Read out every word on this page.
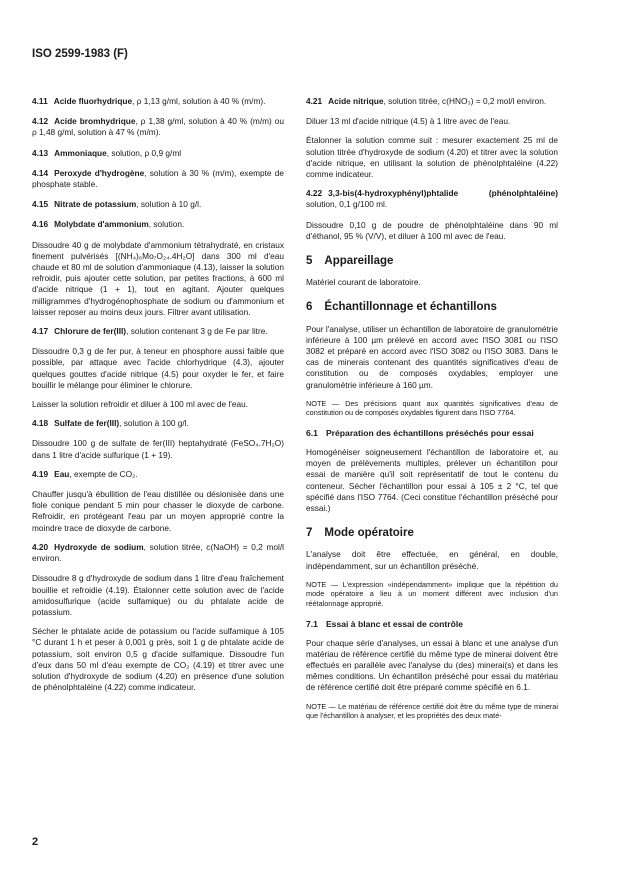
ISO 2599-1983 (F)

4.11 Acide fluorhydrique, ρ 1,13 g/ml, solution à 40 % (m/m).

4.12 Acide bromhydrique, ρ 1,38 g/ml, solution à 40 % (m/m) ou ρ 1,48 g/ml, solution à 47 % (m/m).

4.13 Ammoniaque, solution, ρ 0,9 g/ml

4.14 Peroxyde d'hydrogène, solution à 30 % (m/m), exempte de phosphate stable.

4.15 Nitrate de potassium, solution à 10 g/l.

4.16 Molybdate d'ammonium, solution.

Dissoudre 40 g de molybdate d'ammonium tétrahydraté, en cristaux finement pulvérisés [(NH₄)₆Mo₇O₂₄.4H₂O] dans 300 ml d'eau chaude et 80 ml de solution d'ammoniaque (4.13), laisser la solution refroidir, puis ajouter cette solution, par petites fractions, à 600 ml d'acide nitrique (1 + 1), tout en agitant. Ajouter quelques milligrammes d'hydrogénophosphate de sodium ou d'ammonium et laisser reposer au moins deux jours. Filtrer avant utilisation.

4.17 Chlorure de fer(III), solution contenant 3 g de Fe par litre.

Dissoudre 0,3 g de fer pur, à teneur en phosphore aussi faible que possible, par attaque avec l'acide chlorhydrique (4.3), ajouter quelques gouttes d'acide nitrique (4.5) pour oxyder le fer, et faire bouillir le mélange pour éliminer le chlorure.

Laisser la solution refroidir et diluer à 100 ml avec de l'eau.

4.18 Sulfate de fer(III), solution à 100 g/l.

Dissoudre 100 g de sulfate de fer(III) heptahydraté (FeSO₄.7H₂O) dans 1 litre d'acide sulfurique (1 + 19).

4.19 Eau, exempte de CO₂.

Chauffer jusqu'à ébullition de l'eau distillée ou désionisée dans une fiole conique pendant 5 min pour chasser le dioxyde de carbone. Refroidir, en protégeant l'eau par un moyen approprié contre la moindre trace de dioxyde de carbone.

4.20 Hydroxyde de sodium, solution titrée, c(NaOH) = 0,2 mol/l environ.

Dissoudre 8 g d'hydroxyde de sodium dans 1 litre d'eau fraîchement bouillie et refroidie (4.19). Étalonner cette solution avec de l'acide amidosulfurique (acide sulfamique) ou du phtalate acide de potassium.

Sécher le phtalate acide de potassium ou l'acide sulfamique à 105 °C durant 1 h et peser à 0,001 g près, soit 1 g de phtalate acide de potassium, soit environ 0,5 g d'acide sulfamique. Dissoudre l'un d'eux dans 50 ml d'eau exempte de CO₂ (4.19) et titrer avec une solution d'hydroxyde de sodium (4.20) en présence d'une solution de phénolphtaléine (4.22) comme indicateur.

4.21 Acide nitrique, solution titrée, c(HNO₃) = 0,2 mol/l environ.

Diluer 13 ml d'acide nitrique (4.5) à 1 litre avec de l'eau.

Étalonner la solution comme suit : mesurer exactement 25 ml de solution titrée d'hydroxyde de sodium (4.20) et titrer avec la solution d'acide nitrique, en utilisant la solution de phénolphtaléine (4.22) comme indicateur.

4.22 3,3-bis(4-hydroxyphényl)phtalide (phénolphtaléine) solution, 0,1 g/100 ml.

Dissoudre 0,10 g de poudre de phénolphtaléine dans 90 ml d'éthanol, 95 % (V/V), et diluer à 100 ml avec de l'eau.

5 Appareillage

Matériel courant de laboratoire.

6 Échantillonnage et échantillons

Pour l'analyse, utiliser un échantillon de laboratoire de granulométrie inférieure à 100 µm prélevé en accord avec l'ISO 3081 ou l'ISO 3082 et préparé en accord avec l'ISO 3082 ou l'ISO 3083. Dans le cas de minerais contenant des quantités significatives d'eau de constitution ou de composés oxydables, employer une granulométrie inférieure à 160 µm.

NOTE — Des précisions quant aux quantités significatives d'eau de constitution ou de composés oxydables figurent dans l'ISO 7764.

6.1 Préparation des échantillons préséchés pour essai

Homogénéiser soigneusement l'échantillon de laboratoire et, au moyen de prélèvements multiples, prélever un échantillon pour essai de manière qu'il soit représentatif de tout le contenu du conteneur. Sécher l'échantillon pour essai à 105 ± 2 °C, tel que spécifié dans l'ISO 7764. (Ceci constitue l'échantillon préséché pour essai.)

7 Mode opératoire

L'analyse doit être effectuée, en général, en double, indépendamment, sur un échantillon préséché.

NOTE — L'expression «indépendamment» implique que la répétition du mode opératoire a lieu à un moment différent avec inclusion d'un réétalonnage approprié.

7.1 Essai à blanc et essai de contrôle

Pour chaque série d'analyses, un essai à blanc et une analyse d'un matériau de référence certifié du même type de minerai doivent être effectués en parallèle avec l'analyse du (des) minerai(s) et dans les mêmes conditions. Un échantillon préséché pour essai du matériau de référence certifié doit être préparé comme spécifié en 6.1.

NOTE — Le matériau de référence certifié doit être du même type de minerai que l'échantillon à analyser, et les propriétés des deux maté-

2
